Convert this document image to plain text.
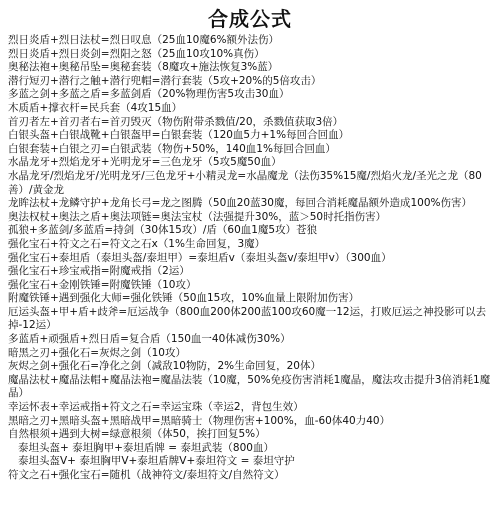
合成公式
烈日炎盾+烈日法杖=烈日叹息（25血10魔6%额外法伤）
烈日炎盾+烈日炎剑=烈阳之怒（25血10攻10%真伤）
奥秘法袍+奥秘吊坠=奥秘套装（8魔攻+施法恢复3%蓝）
潜行短刃+潜行之触+潜行兜帽=潜行套装（5攻+20%的5倍攻击）
多蓝之剑+多蓝之盾=多蓝剑盾（20%物理伤害5攻击30血）
木质盾+撑衣杆=民兵套（4攻15血）
首刃者左+首刃者右=首刃毁灭（物伤附带杀戮值/20，杀戮值获取3倍）
白银头盔+白银战靴+白银盔甲=白银套装（120血5力+1%每回合回血）
白银套装+白银之刃=白银武装（物伤+50%，140血1%每回合回血）
水晶龙牙+烈焰龙牙+光明龙牙=三色龙牙（5攻5魔50血）
水晶龙牙/烈焰龙牙/光明龙牙/三色龙牙+小精灵龙=水晶魔龙（法伤35%15魔/烈焰火龙/圣光之龙（80善）/黄金龙
龙眸法杖+龙鳞守护+龙角长弓=龙之图腾（50血20蓝30魔，每回合消耗魔晶额外造成100%伤害）
奥法权杖+奥法之盾+奥法项链=奥法宝杖（法强提升30%，蓝＞50时托指伤害）
孤狼+多蓝剑/多蓝盾=持剑（30体15攻）/盾（60血1魔5攻）苍狼
强化宝石+符文之石=符文之石x（1%生命回复，3魔）
强化宝石+泰坦盾（泰坦头盔/泰坦甲）=泰坦盾v（泰坦头盔v/泰坦甲v）（300血）
强化宝石+珍宝戒指=附魔戒指（2运）
强化宝石+金刚铁锤=附魔铁锤（10攻）
附魔铁锤+遇到强化大师=强化铁锤（50血15攻，10%血量上限附加伤害）
厄运头盔+甲+盾+歧斧=厄运战争（800血200体200蓝100攻60魔一12运，打败厄运之神投影可以去掉-12运）
多蓝盾+顽强盾+烈日盾=复合盾（150血一40体减伤30%）
暗黑之刃+强化石=灰烬之剑（10攻）
灰烬之剑+强化石=净化之剑（减敌10物防，2%生命回复，20体）
魔晶法杖+魔晶法帽+魔晶法袍=魔晶法装（10魔，50%免疫伤害消耗1魔晶，魔法攻击提升3倍消耗1魔晶）
幸运怀表+幸运戒指+符文之石=幸运宝珠（幸运2，背包生效）
黑暗之刃+黑暗头盔+黑暗战甲=黑暗骑士（物理伤害+100%，血-60体40力40）
自然根须+遇到大树=绿意根须（体50，挨打回复5%）
泰坦头盔+ 泰坦胸甲+泰坦盾牌 = 泰坦武装（800血）
泰坦头盔V+ 泰坦胸甲V+泰坦盾牌V+泰坦符文 = 泰坦守护
符文之石+强化宝石=随机（战神符文/泰坦符文/自然符文）
